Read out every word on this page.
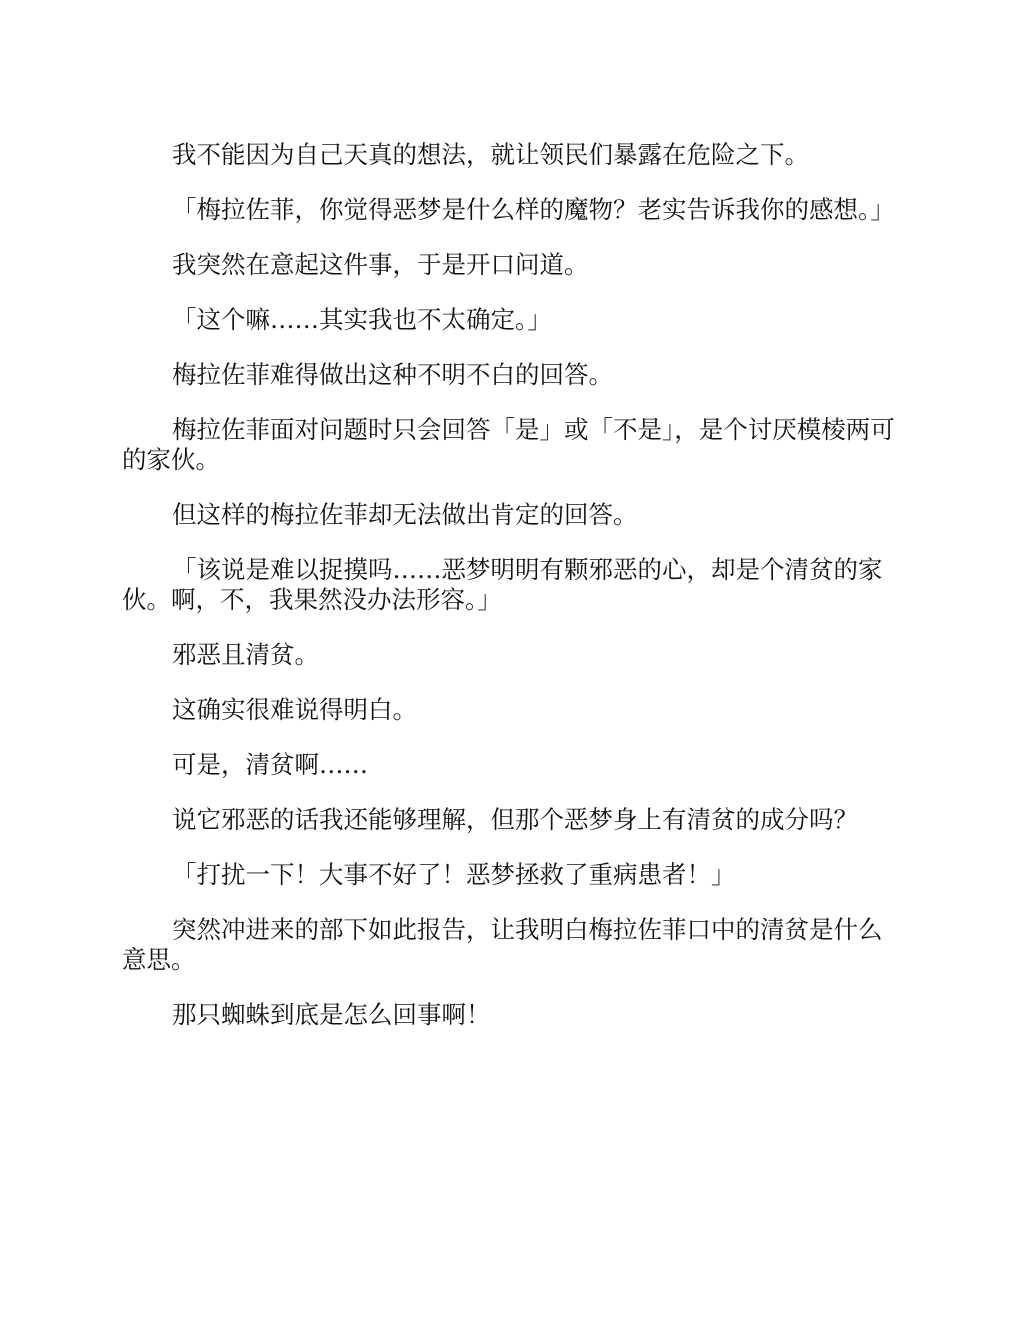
我不能因为自己天真的想法，就让领民们暴露在危险之下。

「梅拉佐菲，你觉得恶梦是什么样的魔物？老实告诉我你的感想。」

我突然在意起这件事，于是开口问道。

「这个嘛……其实我也不太确定。」

梅拉佐菲难得做出这种不明不白的回答。

梅拉佐菲面对问题时只会回答「是」或「不是」，是个讨厌模棱两可的家伙。

但这样的梅拉佐菲却无法做出肯定的回答。

「该说是难以捉摸吗……恶梦明明有颗邪恶的心，却是个清贫的家伙。啊，不，我果然没办法形容。」

邪恶且清贫。

这确实很难说得明白。

可是，清贫啊……

说它邪恶的话我还能够理解，但那个恶梦身上有清贫的成分吗？

「打扰一下！大事不好了！恶梦拯救了重病患者！」

突然冲进来的部下如此报告，让我明白梅拉佐菲口中的清贫是什么意思。

那只蜘蛛到底是怎么回事啊！
